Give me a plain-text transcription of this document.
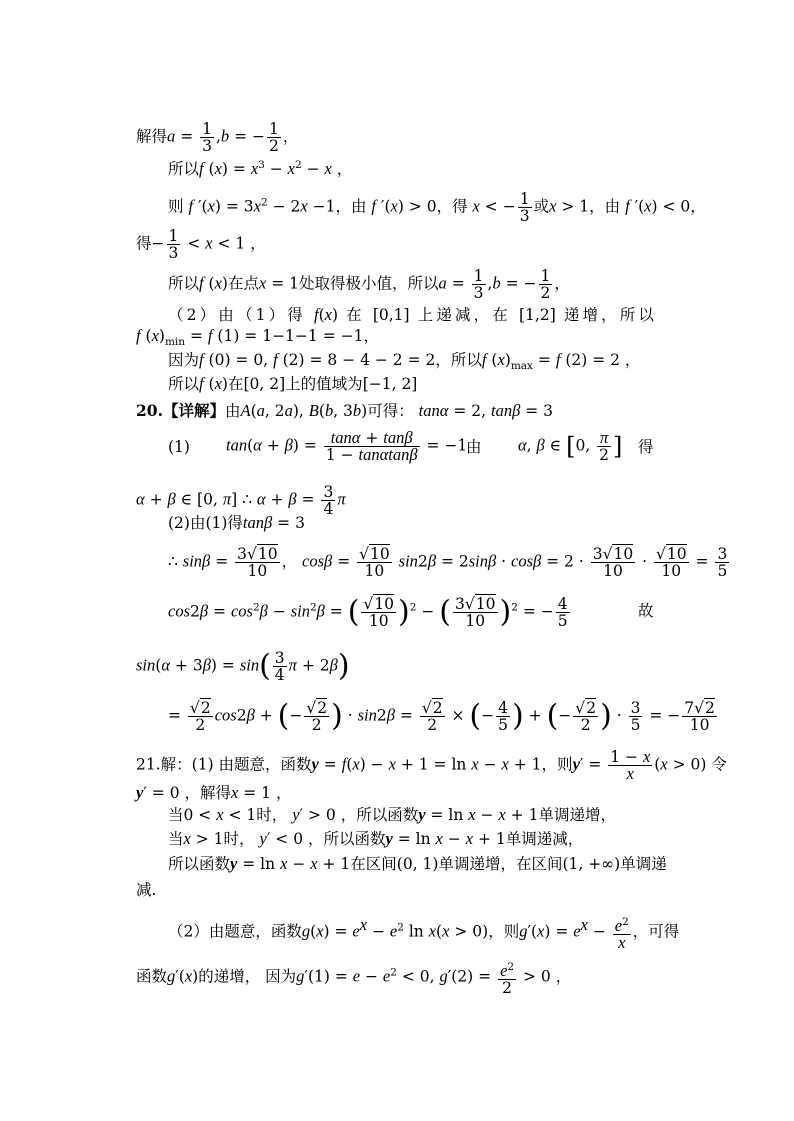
解得$a = \frac{1}{3} ,b$ = − $\frac{1}{2}$ ，
所以f $(x) = x^3 - x^2 - x$ ，
则 f $'(x) = 3x^2 - 2x -1$，由 f ′(x) > 0，得 x < − $\frac{1}{3}$ 或x > 1，由 f ′(x) < 0，
得− $\frac{1}{3} < x < 1$ ，
所以f (x)在点x = 1处取得极小值，所以$a = \frac{1}{3} ,b$ = − $\frac{1}{2}$ ，
（2）由（1）得 f(x) 在 [0,1] 上递减，在 [1,2] 递增，所以
f $(x)_{min} = f$ (1) = 1−1−1 = −1，
因为f (0) = 0, f (2) = 8 − 4 − 2 = 2，所以f $(x)_{max} = f$ (2) = 2 ，
所以f (x)在[0, 2]上的值域为[−1, 2]
20.【详解】由A(a, 2a), B(b, 3b)可得： tanα = 2, tanβ = 3
(1) $\tan(\alpha + \beta) = \frac{\tan\alpha + \tan\beta}{1 - \tan\alpha\tan\beta} = -1$
由 α, β ∈ [0, $\frac{\pi}{2}$ ] 得
α + β ∈ [0, π] ∴ $\alpha + \beta = \frac{3}{4}$ π
(2)由(1)得tanβ = 3
∴ $\sin\beta = \frac{3√10}{10}$ ， $\cos\beta = \frac{√10}{10} \sin 2\beta = 2\sin\beta \cdot \cos\beta = 2 \cdot \frac{3√10}{10} \cdot \frac{√10}{10} = \frac{3}{5}$
$\cos 2\beta = \cos^2\beta - \sin^2\beta$ = ( $\frac{√10}{10} )^2$ − ( $\frac{3√10}{10} )^2$ = − $\frac{4}{5}$	故
$\sin(\alpha + 3\beta) = \sin( \frac{3}{4}$ π + 2β)
= $\frac{√2}{2} \cos 2\beta$ + (− $\frac{√2}{2}$ ) · $\sin 2\beta = \frac{√2}{2}$ × (− $\frac{4}{5}$ ) + (− $\frac{√2}{2}$ ) · $\frac{3}{5}$ = − $\frac{7√2}{10}$
21.解：(1) 由题意，函数y = f(x) − x + 1 = ln x − x + 1，则$y' = \frac{1 - x}{x} (x > 0)$ 令
y′ = 0 ，解得x = 1 ，
当0 < x < 1时， y′ > 0 ，所以函数y = ln x − x + 1单调递增，
当x > 1时， y′ < 0 ，所以函数y = ln x − x + 1单调递减，
所以函数y = ln x − x + 1在区间(0, 1)单调递增，在区间(1, +∞)单调递
减.
（2）由题意，函数$g(x) = e^x - e^2$ ln x(x > 0)，则$g'(x) = e^x - \frac{e^2}{x}$ ，可得
函数g′(x)的递增， 因为$g'(1) = e - e^2 < 0$, $g'(2) = \frac{e^2}{2} > 0$ ，
